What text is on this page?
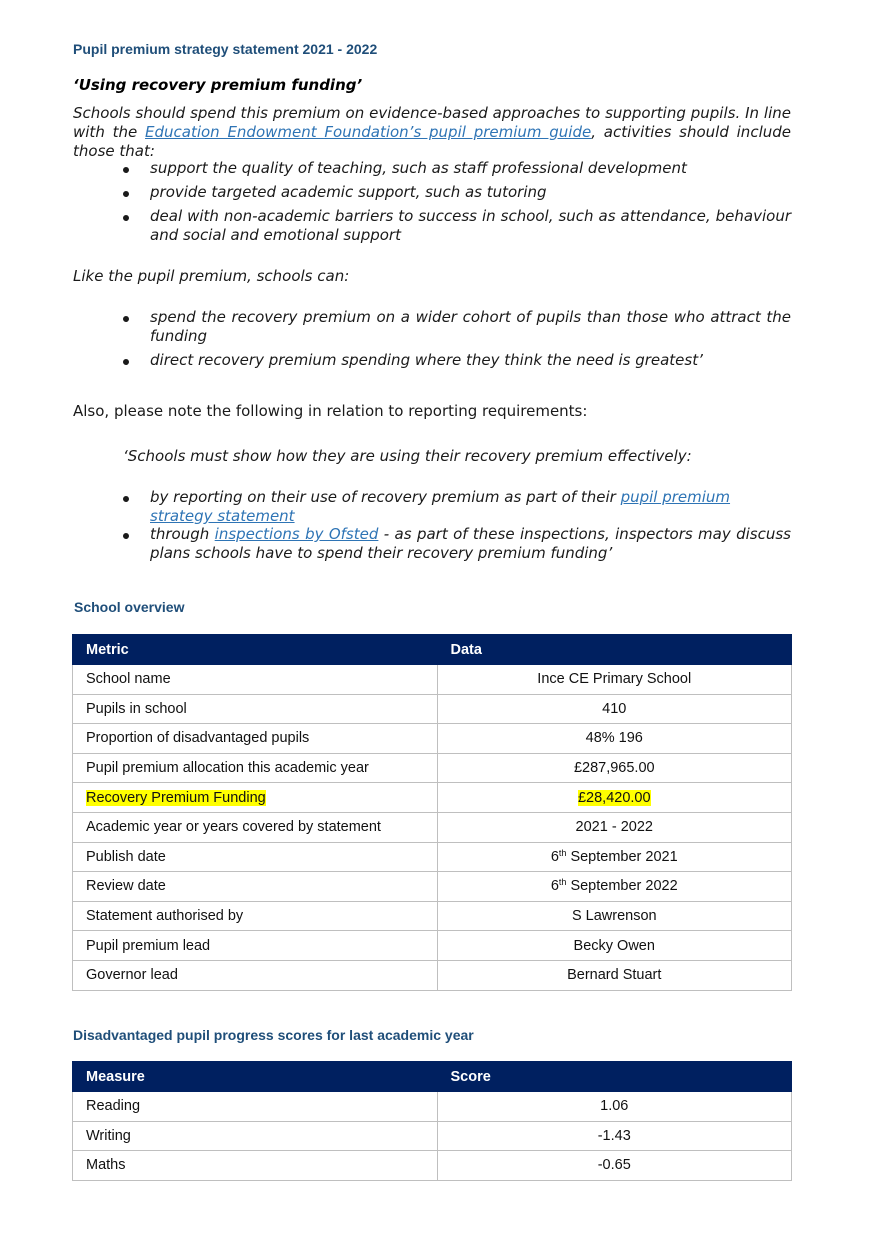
Pupil premium strategy statement 2021 - 2022
‘Using recovery premium funding’
Schools should spend this premium on evidence-based approaches to supporting pupils. In line with the Education Endowment Foundation’s pupil premium guide, activities should include those that:
support the quality of teaching, such as staff professional development
provide targeted academic support, such as tutoring
deal with non-academic barriers to success in school, such as attendance, behaviour and social and emotional support
Like the pupil premium, schools can:
spend the recovery premium on a wider cohort of pupils than those who attract the funding
direct recovery premium spending where they think the need is greatest’
Also, please note the following in relation to reporting requirements:
‘Schools must show how they are using their recovery premium effectively:
by reporting on their use of recovery premium as part of their pupil premium strategy statement
through inspections by Ofsted - as part of these inspections, inspectors may discuss plans schools have to spend their recovery premium funding’
School overview
Metric	Data
School name	Ince CE Primary School
Pupils in school	410
Proportion of disadvantaged pupils	48% 196
Pupil premium allocation this academic year	£287,965.00
Recovery Premium Funding	£28,420.00
Academic year or years covered by statement	2021 - 2022
Publish date	6th September 2021
Review date	6th September 2022
Statement authorised by	S Lawrenson
Pupil premium lead	Becky Owen
Governor lead	Bernard Stuart
Disadvantaged pupil progress scores for last academic year
Measure	Score
Reading	1.06
Writing	-1.43
Maths	-0.65
